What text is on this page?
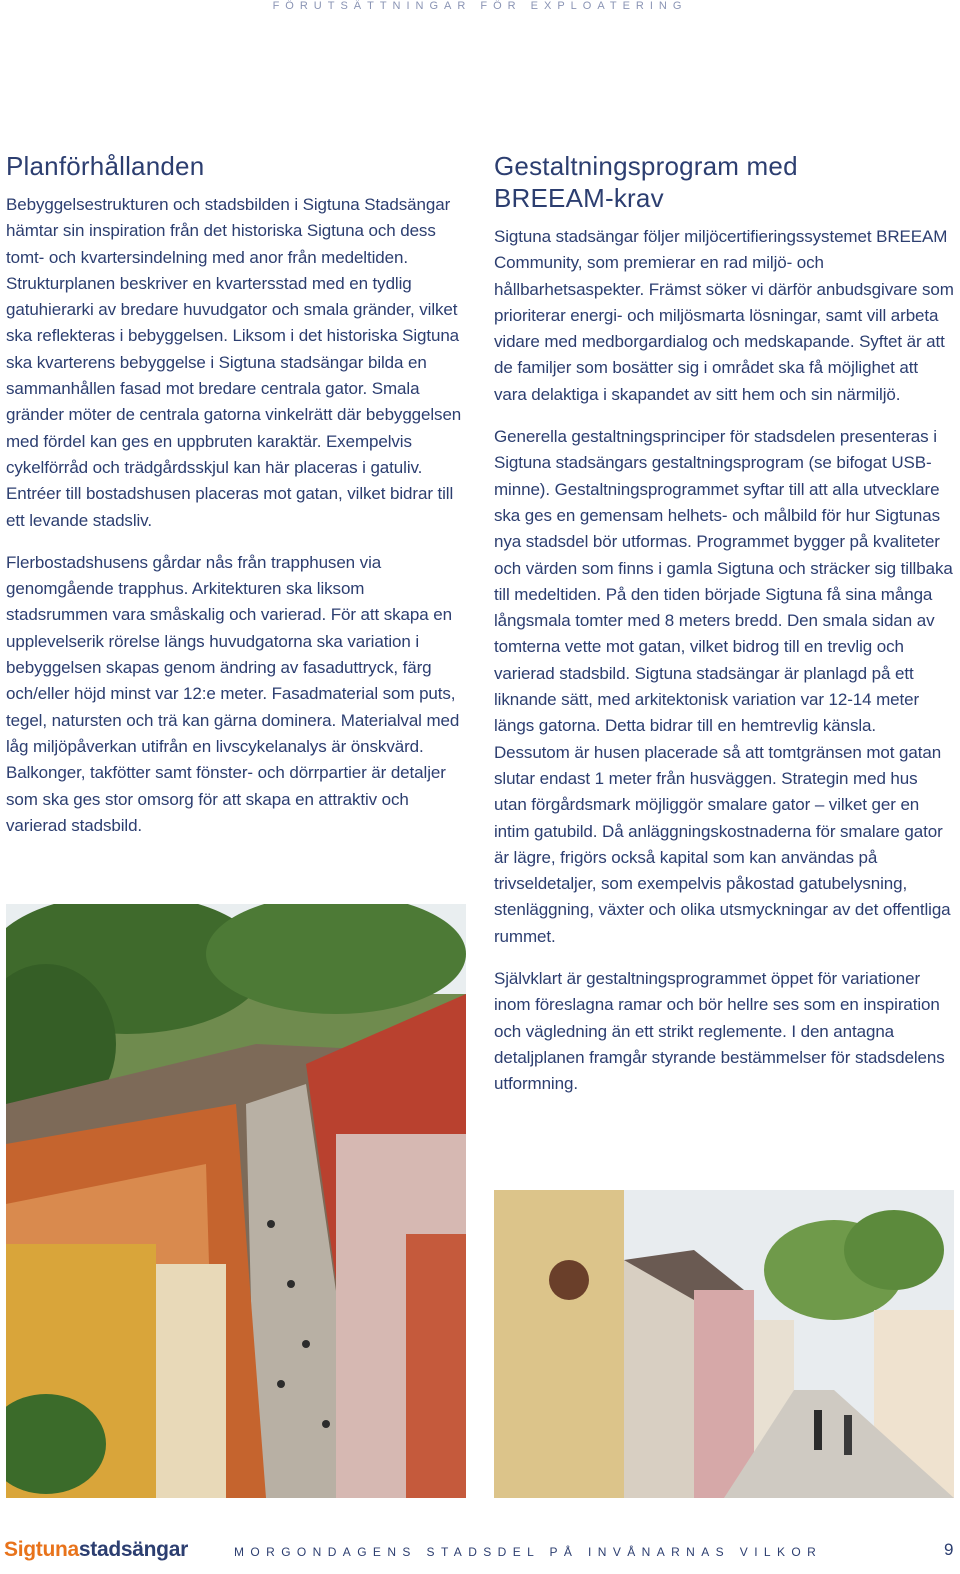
FÖRUTSÄTTNINGAR FÖR EXPLOATERING
Planförhållanden

Bebyggelsestrukturen och stadsbilden i Sigtuna Stadsängar hämtar sin inspiration från det historiska Sigtuna och dess tomt- och kvartersindelning med anor från medeltiden. Strukturplanen beskriver en kvartersstad med en tydlig gatuhierarki av bredare huvudgator och smala gränder, vilket ska reflekteras i bebyggelsen. Liksom i det historiska Sigtuna ska kvarterens bebyggelse i Sigtuna stadsängar bilda en sammanhållen fasad mot bredare centrala gator. Smala gränder möter de centrala gatorna vinkelrätt där bebyggelsen med fördel kan ges en uppbruten karaktär. Exempelvis cykelförråd och trädgårdsskjul kan här placeras i gatuliv. Entréer till bostadshusen placeras mot gatan, vilket bidrar till ett levande stadsliv.

Flerbostadshusens gårdar nås från trapphusen via genomgående trapphus. Arkitekturen ska liksom stadsrummen vara småskalig och varierad. För att skapa en upplevelserik rörelse längs huvudgatorna ska variation i bebyggelsen skapas genom ändring av fasaduttryck, färg och/eller höjd minst var 12:e meter. Fasadmaterial som puts, tegel, natursten och trä kan gärna dominera. Materialval med låg miljöpåverkan utifrån en livscykelanalys är önskvärd. Balkonger, takfötter samt fönster- och dörrpartier är detaljer som ska ges stor omsorg för att skapa en attraktiv och varierad stadsbild.

Gestaltningsprogram med
BREEAM-krav

Sigtuna stadsängar följer miljöcertifieringssystemet BREEAM Community, som premierar en rad miljö- och hållbarhetsaspekter. Främst söker vi därför anbudsgivare som prioriterar energi- och miljösmarta lösningar, samt vill arbeta vidare med medborgardialog och medskapande. Syftet är att de familjer som bosätter sig i området ska få möjlighet att vara delaktiga i skapandet av sitt hem och sin närmiljö.

Generella gestaltningsprinciper för stadsdelen presenteras i Sigtuna stadsängars gestaltningsprogram (se bifogat USB-minne). Gestaltningsprogrammet syftar till att alla utvecklare ska ges en gemensam helhets- och målbild för hur Sigtunas nya stadsdel bör utformas. Programmet bygger på kvaliteter och värden som finns i gamla Sigtuna och sträcker sig tillbaka till medeltiden. På den tiden började Sigtuna få sina många långsmala tomter med 8 meters bredd. Den smala sidan av tomterna vette mot gatan, vilket bidrog till en trevlig och varierad stadsbild. Sigtuna stadsängar är planlagd på ett liknande sätt, med arkitektonisk variation var 12-14 meter längs gatorna. Detta bidrar till en hemtrevlig känsla. Dessutom är husen placerade så att tomtgränsen mot gatan slutar endast 1 meter från husväggen. Strategin med hus utan förgårdsmark möjliggör smalare gator – vilket ger en intim gatubild. Då anläggningskostnaderna för smalare gator är lägre, frigörs också kapital som kan användas på trivseldetaljer, som exempelvis påkostad gatubelysning, stenläggning, växter och olika utsmyckningar av det offentliga rummet.

Självklart är gestaltningsprogrammet öppet för variationer inom föreslagna ramar och bör hellre ses som en inspiration och vägledning än ett strikt reglemente. I den antagna detaljplanen framgår styrande bestämmelser för stadsdelens utformning.

Sigtunastadsängar	MORGONDAGENS STADSDEL PÅ INVÅNARNAS VILKOR	9
